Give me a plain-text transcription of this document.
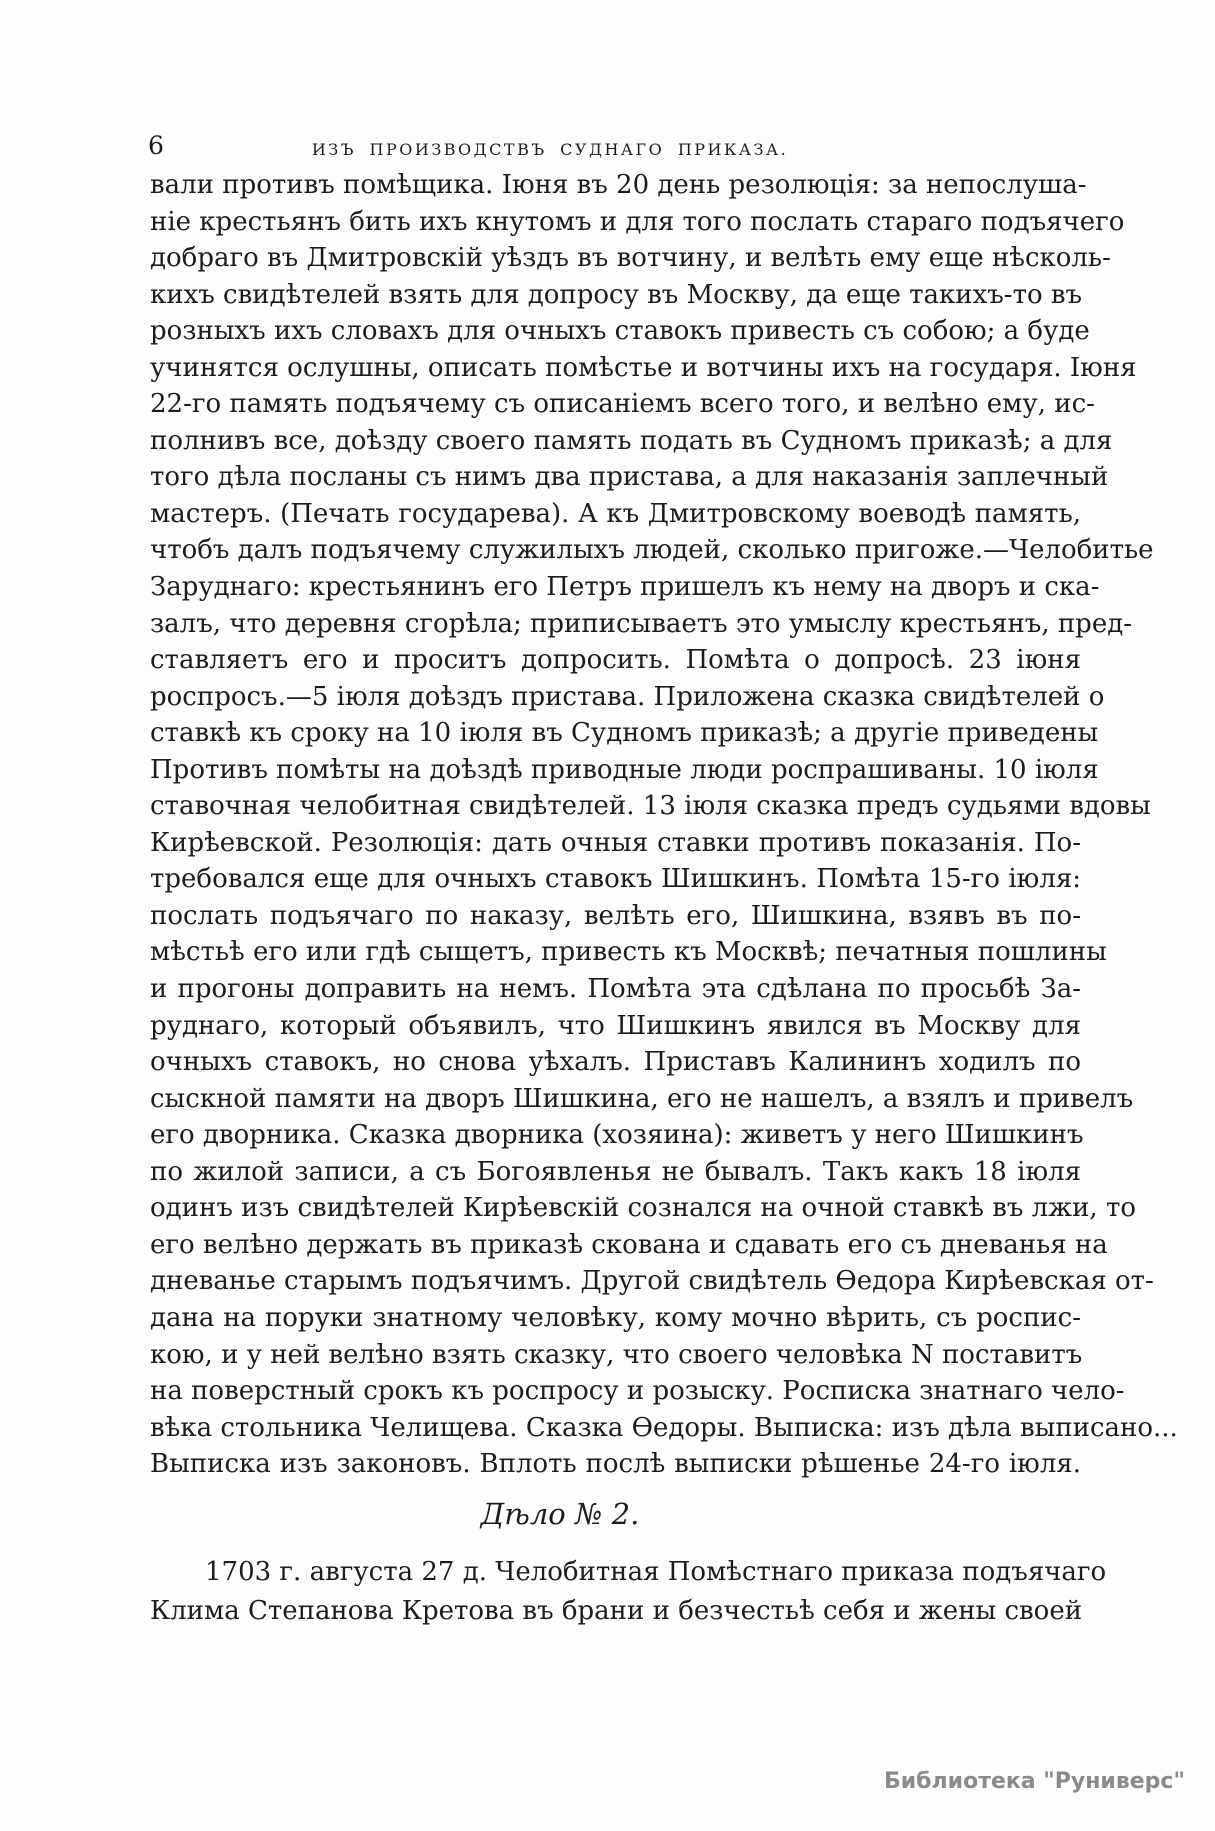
6	ИЗЪ ПРОИЗВОДСТВЪ СУДНАГО ПРИКАЗА.
вали противъ помѣщика. Іюня въ 20 день резолюція: за непослуша-
ніе крестьянъ бить ихъ кнутомъ и для того послать стараго подъячего
добраго въ Дмитровскій уѣздъ въ вотчину, и велѣть ему еще нѣсколь-
кихъ свидѣтелей взять для допросу въ Москву, да еще такихъ-то въ
розныхъ ихъ словахъ для очныхъ ставокъ привесть съ собою; а буде
учинятся ослушны, описать помѣстье и вотчины ихъ на государя. Іюня
22-го память подъячему съ описаніемъ всего того, и велѣно ему, ис-
полнивъ все, доѣзду своего память подать въ Судномъ приказѣ; а для
того дѣла посланы съ нимъ два пристава, а для наказанія заплечный
мастеръ. (Печать государева). А къ Дмитровскому воеводѣ память,
чтобъ далъ подъячему служилыхъ людей, сколько пригоже.—Челобитье
Заруднаго: крестьянинъ его Петръ пришелъ къ нему на дворъ и ска-
залъ, что деревня сгорѣла; приписываетъ это умыслу крестьянъ, пред-
ставляетъ его и проситъ допросить. Помѣта о допросѣ. 23 іюня
роспросъ.—5 іюля доѣздъ пристава. Приложена сказка свидѣтелей о
ставкѣ къ сроку на 10 іюля въ Судномъ приказѣ; а другіе приведены
Противъ помѣты на доѣздѣ приводные люди роспрашиваны. 10 іюля
ставочная челобитная свидѣтелей. 13 іюля сказка предъ судьями вдовы
Кирѣевской. Резолюція: дать очныя ставки противъ показанія. По-
требовался еще для очныхъ ставокъ Шишкинъ. Помѣта 15-го іюля:
послать подъячаго по наказу, велѣть его, Шишкина, взявъ въ по-
мѣстьѣ его или гдѣ сыщетъ, привесть къ Москвѣ; печатныя пошлины
и прогоны доправить на немъ. Помѣта эта сдѣлана по просьбѣ За-
руднаго, который объявилъ, что Шишкинъ явился въ Москву для
очныхъ ставокъ, но снова уѣхалъ. Приставъ Калининъ ходилъ по
сыскной памяти на дворъ Шишкина, его не нашелъ, а взялъ и привелъ
его дворника. Сказка дворника (хозяина): живетъ у него Шишкинъ
по жилой записи, а съ Богоявленья не бывалъ. Такъ какъ 18 іюля
одинъ изъ свидѣтелей Кирѣевскій сознался на очной ставкѣ въ лжи, то
его велѣно держать въ приказѣ скована и сдавать его съ дневанья на
дневанье старымъ подъячимъ. Другой свидѣтель Ѳедора Кирѣевская от-
дана на поруки знатному человѣку, кому мочно вѣрить, съ роспис-
кою, и у ней велѣно взять сказку, что своего человѣка N поставитъ
на поверстный срокъ къ роспросу и розыску. Росписка знатнаго чело-
вѣка стольника Челищева. Сказка Ѳедоры. Выписка: изъ дѣла выписано...
Выписка изъ законовъ. Вплоть послѣ выписки рѣшенье 24-го іюля.
Дѣло № 2.
1703 г. августа 27 д. Челобитная Помѣстнаго приказа подъячаго
Клима Степанова Кретова въ брани и безчестьѣ себя и жены своей
Библиотека "Руниверс"
